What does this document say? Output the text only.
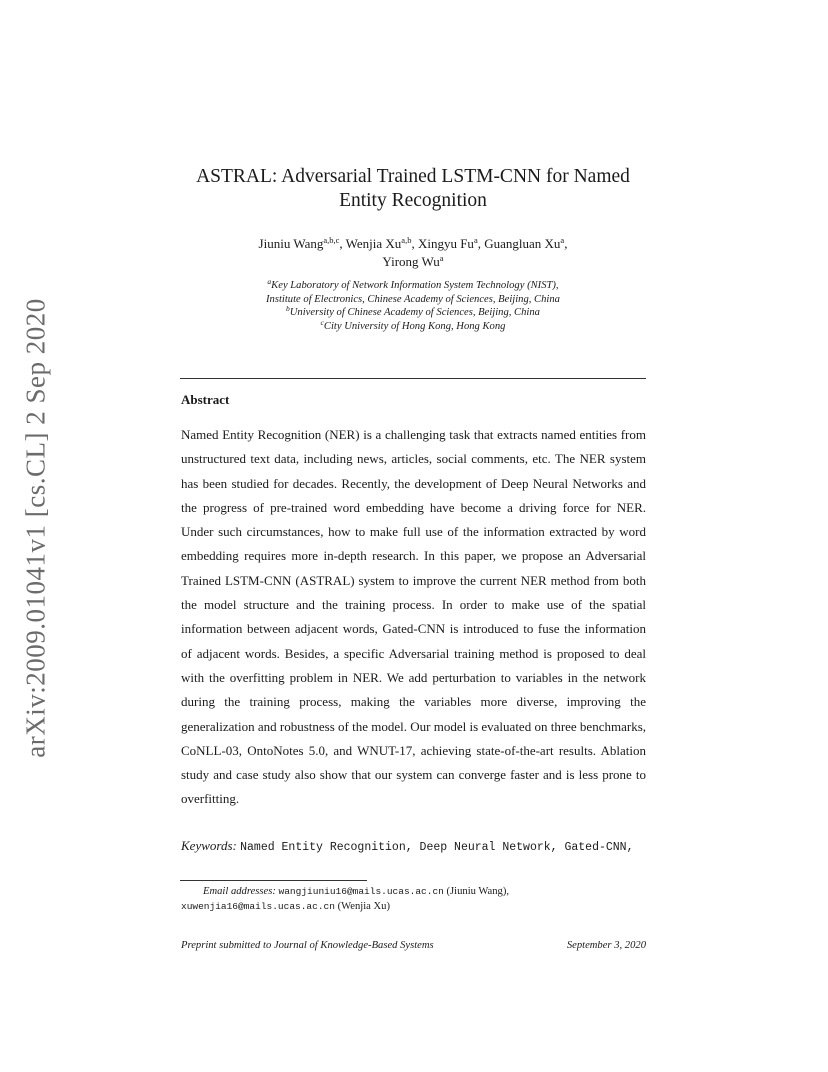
arXiv:2009.01041v1 [cs.CL] 2 Sep 2020
ASTRAL: Adversarial Trained LSTM-CNN for Named Entity Recognition
Jiuniu Wang$^{a,b,c}$, Wenjia Xu$^{a,b}$, Xingyu Fu$^a$, Guangluan Xu$^a$,
Yirong Wu$^a$
$^a$Key Laboratory of Network Information System Technology (NIST),
Institute of Electronics, Chinese Academy of Sciences, Beijing, China
$^b$University of Chinese Academy of Sciences, Beijing, China
$^c$City University of Hong Kong, Hong Kong
Abstract

Named Entity Recognition (NER) is a challenging task that extracts named entities from unstructured text data, including news, articles, social comments, etc. The NER system has been studied for decades. Recently, the development of Deep Neural Networks and the progress of pre-trained word embedding have become a driving force for NER. Under such circumstances, how to make full use of the information extracted by word embedding requires more in-depth research. In this paper, we propose an Adversarial Trained LSTM-CNN (ASTRAL) system to improve the current NER method from both the model structure and the training process. In order to make use of the spatial information between adjacent words, Gated-CNN is introduced to fuse the information of adjacent words. Besides, a specific Adversarial training method is proposed to deal with the overfitting problem in NER. We add perturbation to variables in the network during the training process, making the variables more diverse, improving the generalization and robustness of the model. Our model is evaluated on three benchmarks, CoNLL-03, OntoNotes 5.0, and WNUT-17, achieving state-of-the-art results. Ablation study and case study also show that our system can converge faster and is less prone to overfitting.

Keywords: Named Entity Recognition, Deep Neural Network, Gated-CNN,
Email addresses: wangjiuniu16@mails.ucas.ac.cn (Jiuniu Wang),
xuwenjia16@mails.ucas.ac.cn (Wenjia Xu)
Preprint submitted to Journal of Knowledge-Based Systems	September 3, 2020
